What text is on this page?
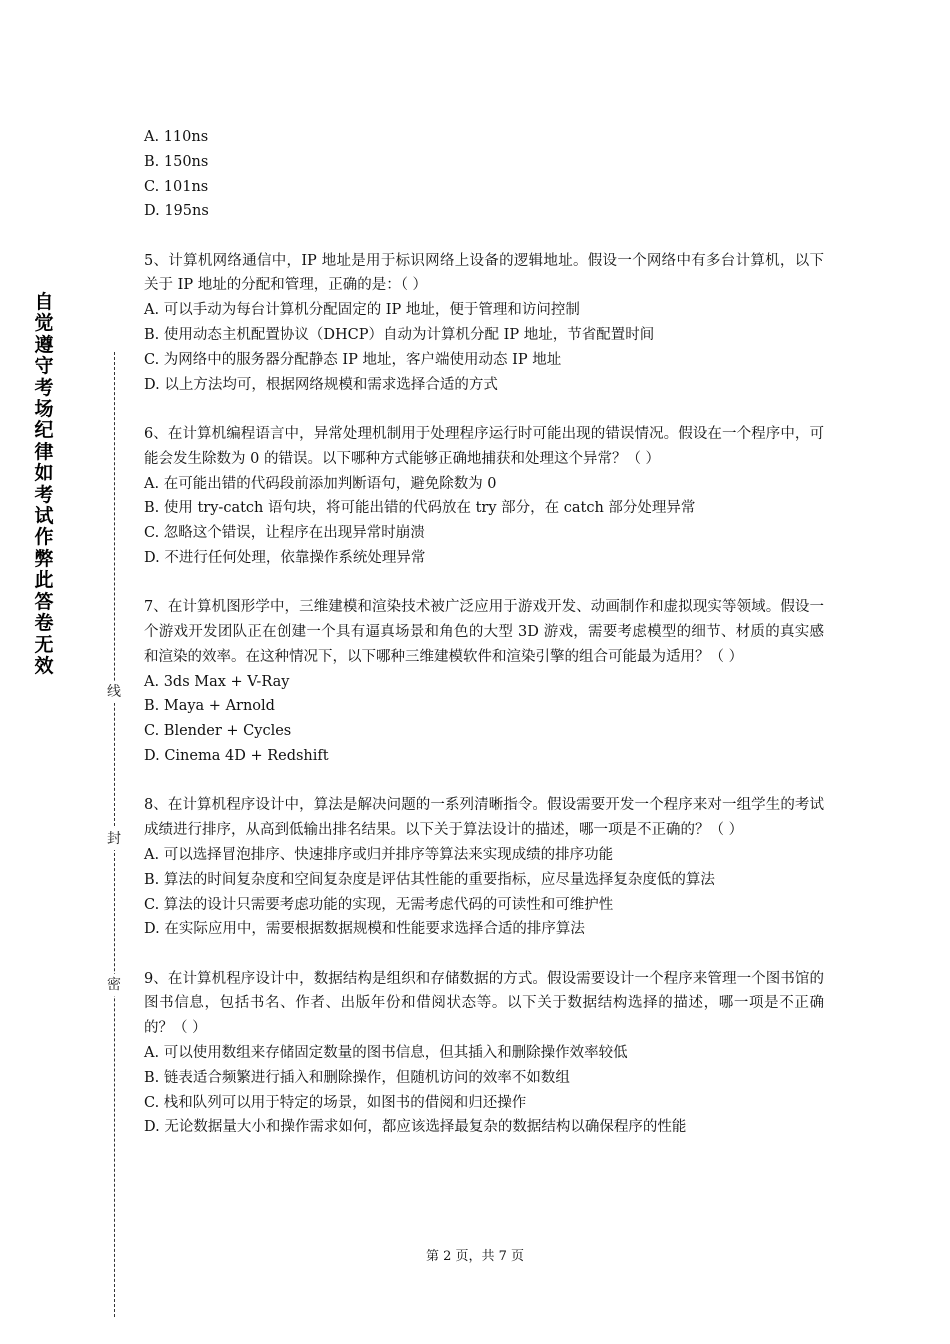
自
觉
遵
守
考
场
纪
律
如
考
试
作
弊
此
答
卷
无
效
线
封
密
A. 110ns
B. 150ns
C. 101ns
D. 195ns
5、计算机网络通信中，IP 地址是用于标识网络上设备的逻辑地址。假设一个网络中有多台计算机，以下关于 IP 地址的分配和管理，正确的是：（ ）
A. 可以手动为每台计算机分配固定的 IP 地址，便于管理和访问控制
B. 使用动态主机配置协议（DHCP）自动为计算机分配 IP 地址，节省配置时间
C. 为网络中的服务器分配静态 IP 地址，客户端使用动态 IP 地址
D. 以上方法均可，根据网络规模和需求选择合适的方式
6、在计算机编程语言中，异常处理机制用于处理程序运行时可能出现的错误情况。假设在一个程序中，可能会发生除数为 0 的错误。以下哪种方式能够正确地捕获和处理这个异常？（ ）
A. 在可能出错的代码段前添加判断语句，避免除数为 0
B. 使用 try-catch 语句块，将可能出错的代码放在 try 部分，在 catch 部分处理异常
C. 忽略这个错误，让程序在出现异常时崩溃
D. 不进行任何处理，依靠操作系统处理异常
7、在计算机图形学中，三维建模和渲染技术被广泛应用于游戏开发、动画制作和虚拟现实等领域。假设一个游戏开发团队正在创建一个具有逼真场景和角色的大型 3D 游戏，需要考虑模型的细节、材质的真实感和渲染的效率。在这种情况下，以下哪种三维建模软件和渲染引擎的组合可能最为适用？（ ）
A. 3ds Max + V-Ray
B. Maya + Arnold
C. Blender + Cycles
D. Cinema 4D + Redshift
8、在计算机程序设计中，算法是解决问题的一系列清晰指令。假设需要开发一个程序来对一组学生的考试成绩进行排序，从高到低输出排名结果。以下关于算法设计的描述，哪一项是不正确的？（ ）
A. 可以选择冒泡排序、快速排序或归并排序等算法来实现成绩的排序功能
B. 算法的时间复杂度和空间复杂度是评估其性能的重要指标，应尽量选择复杂度低的算法
C. 算法的设计只需要考虑功能的实现，无需考虑代码的可读性和可维护性
D. 在实际应用中，需要根据数据规模和性能要求选择合适的排序算法
9、在计算机程序设计中，数据结构是组织和存储数据的方式。假设需要设计一个程序来管理一个图书馆的图书信息，包括书名、作者、出版年份和借阅状态等。以下关于数据结构选择的描述，哪一项是不正确的？（ ）
A. 可以使用数组来存储固定数量的图书信息，但其插入和删除操作效率较低
B. 链表适合频繁进行插入和删除操作，但随机访问的效率不如数组
C. 栈和队列可以用于特定的场景，如图书的借阅和归还操作
D. 无论数据量大小和操作需求如何，都应该选择最复杂的数据结构以确保程序的性能
第 2 页，共 7 页
